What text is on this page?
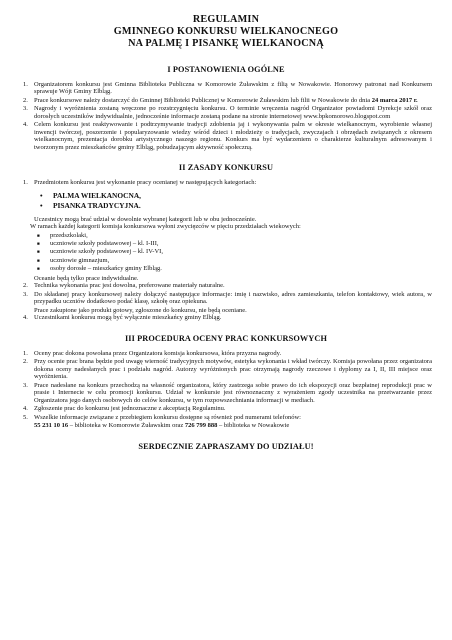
REGULAMIN
GMINNEGO KONKURSU WIELKANOCNEGO
NA PALMĘ I PISANKĘ WIELKANOCNĄ
I POSTANOWIENIA OGÓLNE
1. Organizatorem konkursu jest Gminna Biblioteka Publiczna w Komorowie Żuławskim z filią w Nowakowie. Honorowy patronat nad Konkursem sprawuje Wójt Gminy Elbląg.
2. Prace konkursowe należy dostarczyć do Gminnej Biblioteki Publicznej w Komorowie Żuławskim lub filii w Nowakowie do dnia 24 marca 2017 r.
3. Nagrody i wyróżnienia zostaną wręczone po rozstrzygnięciu konkursu. O terminie wręczenia nagród Organizator powiadomi Dyrekcje szkół oraz dorosłych uczestników indywidualnie, jednocześnie informacje zostaną podane na stronie internetowej www.bpkomorowo.blogspot.com
4. Celem konkursu jest reaktywowanie i podtrzymywanie tradycji zdobienia jaj i wykonywania palm w okresie wielkanocnym, wyrobienie własnej inwencji twórczej, poszerzenie i popularyzowanie wiedzy wśród dzieci i młodzieży o tradycjach, zwyczajach i obrzędach związanych z okresem wielkanocnym, prezentacja dorobku artystycznego naszego regionu. Konkurs ma być wydarzeniem o charakterze kulturalnym adresowanym i tworzonym przez mieszkańców gminy Elbląg, pobudzającym aktywność społeczną.
II ZASADY KONKURSU
1. Przedmiotem konkursu jest wykonanie pracy ocenianej w następujących kategoriach:
• PALMA WIELKANOCNA,
• PISANKA TRADYCYJNA.
Uczestnicy mogą brać udział w dowolnie wybranej kategorii lub w obu jednocześnie.
W ramach każdej kategorii komisja konkursowa wyłoni zwycięzców w pięciu przedziałach wiekowych:
■ przedszkolaki,
■ uczniowie szkoły podstawowej – kl. I-III,
■ uczniowie szkoły podstawowej – kl. IV-VI,
■ uczniowie gimnazjum,
■ osoby dorosłe – mieszkańcy gminy Elbląg.
Oceanie będą tylko prace indywidualne.
2. Technika wykonania prac jest dowolna, preferowane materiały naturalne.
3. Do składanej pracy konkursowej należy dołączyć następujące informacje: imię i nazwisko, adres zamieszkania, telefon kontaktowy, wiek autora, w przypadku uczniów dodatkowo podać klasę, szkołę oraz opiekuna.
Prace zakupione jako produkt gotowy, zgłoszone do konkursu, nie będą oceniane.
4. Uczestnikami konkursu mogą być wyłącznie mieszkańcy gminy Elbląg.
III PROCEDURA OCENY PRAC KONKURSOWYCH
1. Oceny prac dokona powołana przez Organizatora komisja konkursowa, która przyzna nagrody.
2. Przy ocenie prac brana będzie pod uwagę wierność tradycyjnych motywów, estetyka wykonania i wkład twórczy. Komisja powołana przez organizatora dokona oceny nadesłanych prac i podziału nagród. Autorzy wyróżnionych prac otrzymają nagrody rzeczowe i dyplomy za I, II, III miejsce oraz wyróżnienia.
3. Prace nadesłane na konkurs przechodzą na własność organizatora, który zastrzega sobie prawo do ich ekspozycji oraz bezpłatnej reprodukcji prac w prasie i Internecie w celu promocji konkursu. Udział w konkursie jest równoznaczny z wyrażeniem zgody uczestnika na przetwarzanie przez Organizatora jego danych osobowych do celów konkursu, w tym rozpowszechniania informacji w mediach.
4. Zgłoszenie prac do konkursu jest jednoznaczne z akceptacją Regulaminu.
5. Wszelkie informacje związane z przebiegiem konkursu dostępne są również pod numerami telefonów:
55 231 10 16 – biblioteka w Komorowie Żuławskim oraz 726 799 888 – biblioteka w Nowakowie
SERDECZNIE ZAPRASZAMY DO UDZIAŁU!
